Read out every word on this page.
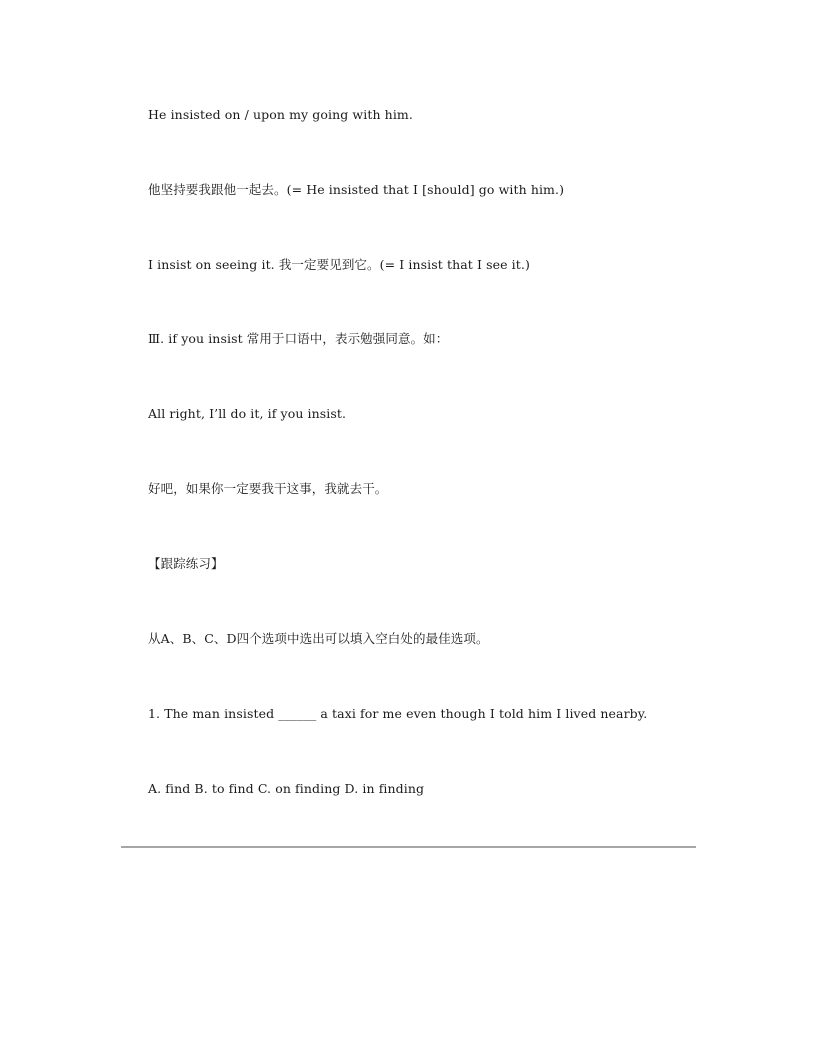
He insisted on / upon my going with him.
他坚持要我跟他一起去。(= He insisted that I [should] go with him.)
I insist on seeing it. 我一定要见到它。(= I insist that I see it.)
Ⅲ. if you insist 常用于口语中，表示勉强同意。如：
All right, I’ll do it, if you insist.
好吧，如果你一定要我干这事，我就去干。
【跟踪练习】
从A、B、C、D四个选项中选出可以填入空白处的最佳选项。
1. The man insisted ______ a taxi for me even though I told him I lived nearby.
A. find B. to find C. on finding D. in finding
